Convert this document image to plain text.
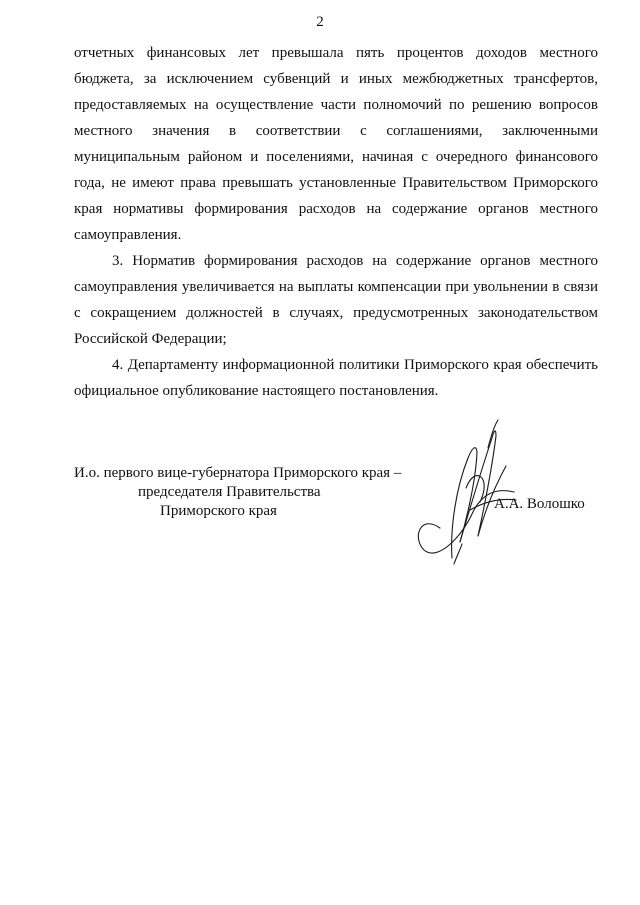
2

отчетных финансовых лет превышала пять процентов доходов местного бюджета, за исключением субвенций и иных межбюджетных трансфертов, предоставляемых на осуществление части полномочий по решению вопросов местного значения в соответствии с соглашениями, заключенными муниципальным районом и поселениями, начиная с очередного финансового года, не имеют права превышать установленные Правительством Приморского края нормативы формирования расходов на содержание органов местного самоуправления.

3. Норматив формирования расходов на содержание органов местного самоуправления увеличивается на выплаты компенсации при увольнении в связи с сокращением должностей в случаях, предусмотренных законодательством Российской Федерации;

4. Департаменту информационной политики Приморского края обеспечить официальное опубликование настоящего постановления.

И.о. первого вице-губернатора Приморского края –
председателя Правительства
Приморского края	А.А. Волошко
